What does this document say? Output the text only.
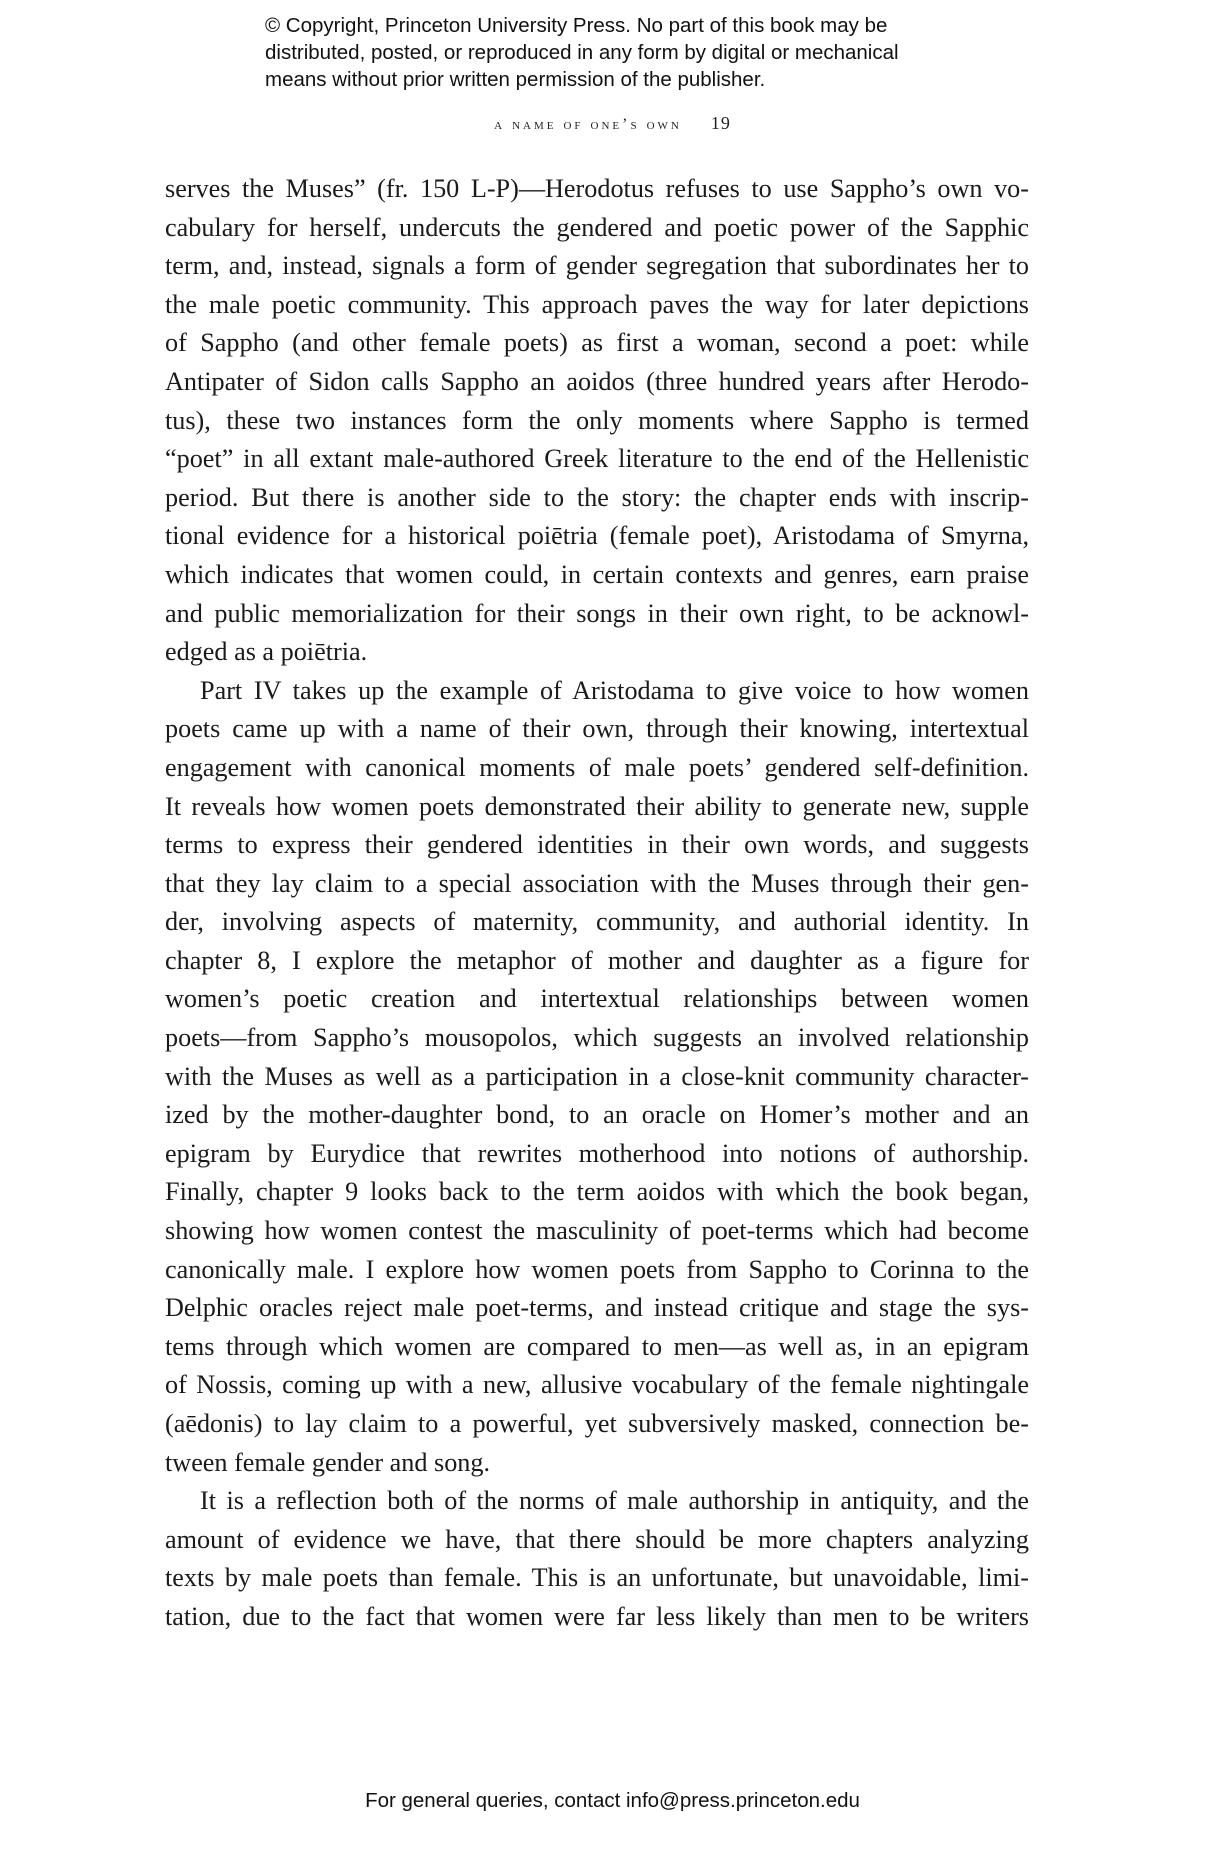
© Copyright, Princeton University Press. No part of this book may be
distributed, posted, or reproduced in any form by digital or mechanical
means without prior written permission of the publisher.
a name of one’s own 19
serves the Muses” (fr. 150 L-P)—Herodotus refuses to use Sappho’s own vo-
cabulary for herself, undercuts the gendered and poetic power of the Sapphic
term, and, instead, signals a form of gender segregation that subordinates her to
the male poetic community. This approach paves the way for later depictions
of Sappho (and other female poets) as first a woman, second a poet: while
Antipater of Sidon calls Sappho an aoidos (three hundred years after Herodo-
tus), these two instances form the only moments where Sappho is termed
“poet” in all extant male-authored Greek literature to the end of the Hellenistic
period. But there is another side to the story: the chapter ends with inscrip-
tional evidence for a historical poiētria (female poet), Aristodama of Smyrna,
which indicates that women could, in certain contexts and genres, earn praise
and public memorialization for their songs in their own right, to be acknowl-
edged as a poiētria.
Part IV takes up the example of Aristodama to give voice to how women
poets came up with a name of their own, through their knowing, intertextual
engagement with canonical moments of male poets’ gendered self-definition.
It reveals how women poets demonstrated their ability to generate new, supple
terms to express their gendered identities in their own words, and suggests
that they lay claim to a special association with the Muses through their gen-
der, involving aspects of maternity, community, and authorial identity. In
chapter 8, I explore the metaphor of mother and daughter as a figure for
women’s poetic creation and intertextual relationships between women
poets—from Sappho’s mousopolos, which suggests an involved relationship
with the Muses as well as a participation in a close-knit community character-
ized by the mother-daughter bond, to an oracle on Homer’s mother and an
epigram by Eurydice that rewrites motherhood into notions of authorship.
Finally, chapter 9 looks back to the term aoidos with which the book began,
showing how women contest the masculinity of poet-terms which had become
canonically male. I explore how women poets from Sappho to Corinna to the
Delphic oracles reject male poet-terms, and instead critique and stage the sys-
tems through which women are compared to men—as well as, in an epigram
of Nossis, coming up with a new, allusive vocabulary of the female nightingale
(aēdonis) to lay claim to a powerful, yet subversively masked, connection be-
tween female gender and song.
It is a reflection both of the norms of male authorship in antiquity, and the
amount of evidence we have, that there should be more chapters analyzing
texts by male poets than female. This is an unfortunate, but unavoidable, limi-
tation, due to the fact that women were far less likely than men to be writers
For general queries, contact info@press.princeton.edu
